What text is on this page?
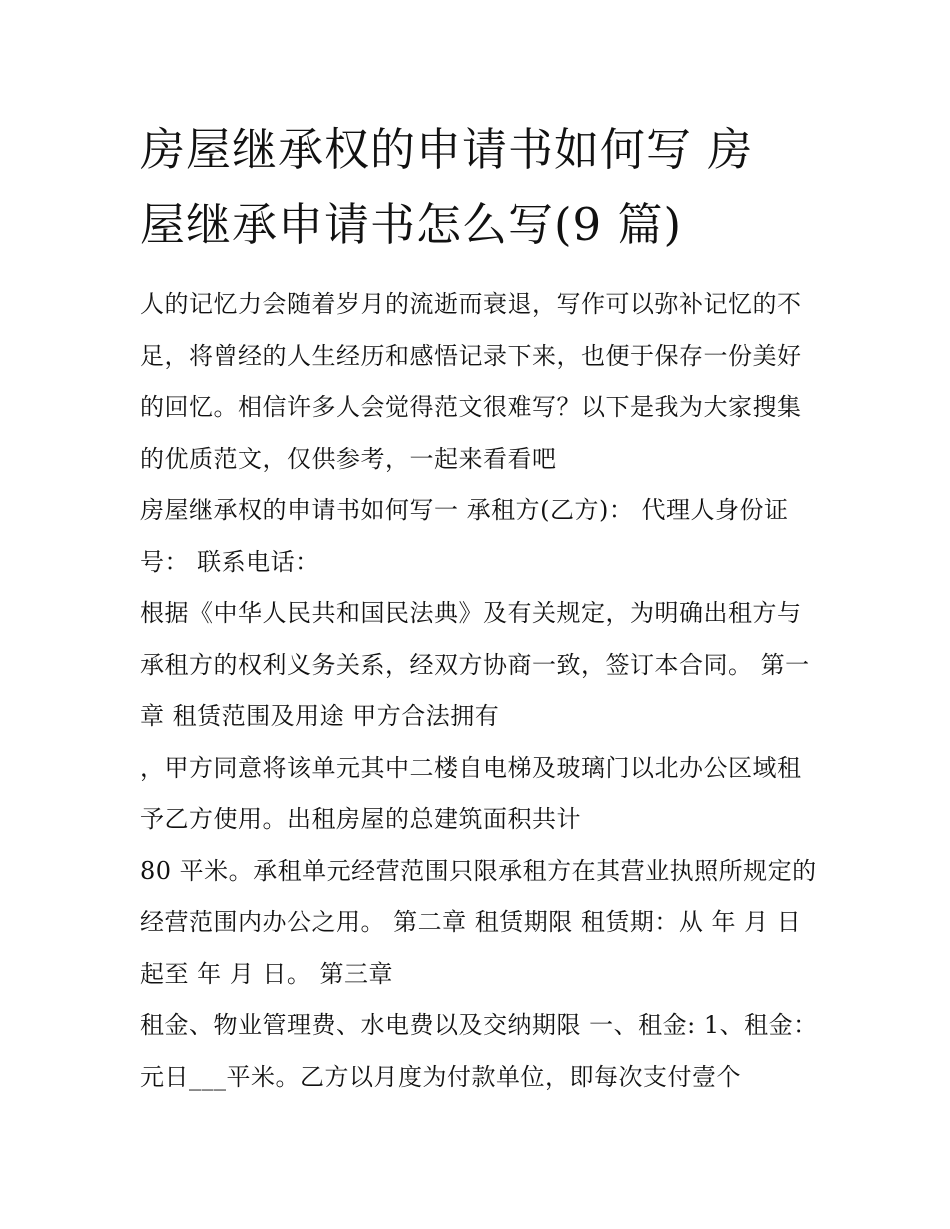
房屋继承权的申请书如何写 房
屋继承申请书怎么写(9 篇)

人的记忆力会随着岁月的流逝而衰退，写作可以弥补记忆的不足，将曾经的人生经历和感悟记录下来，也便于保存一份美好的回忆。相信许多人会觉得范文很难写？以下是我为大家搜集的优质范文，仅供参考，一起来看看吧

房屋继承权的申请书如何写一 承租方(乙方)： 代理人身份证号： 联系电话：

根据《中华人民共和国民法典》及有关规定，为明确出租方与承租方的权利义务关系，经双方协商一致，签订本合同。 第一章 租赁范围及用途 甲方合法拥有

，甲方同意将该单元其中二楼自电梯及玻璃门以北办公区域租予乙方使用。出租房屋的总建筑面积共计

80 平米。承租单元经营范围只限承租方在其营业执照所规定的经营范围内办公之用。 第二章 租赁期限 租赁期：从 年 月 日起至 年 月 日。 第三章

租金、物业管理费、水电费以及交纳期限 一、租金: 1、租金： 元日___平米。乙方以月度为付款单位，即每次支付壹个
